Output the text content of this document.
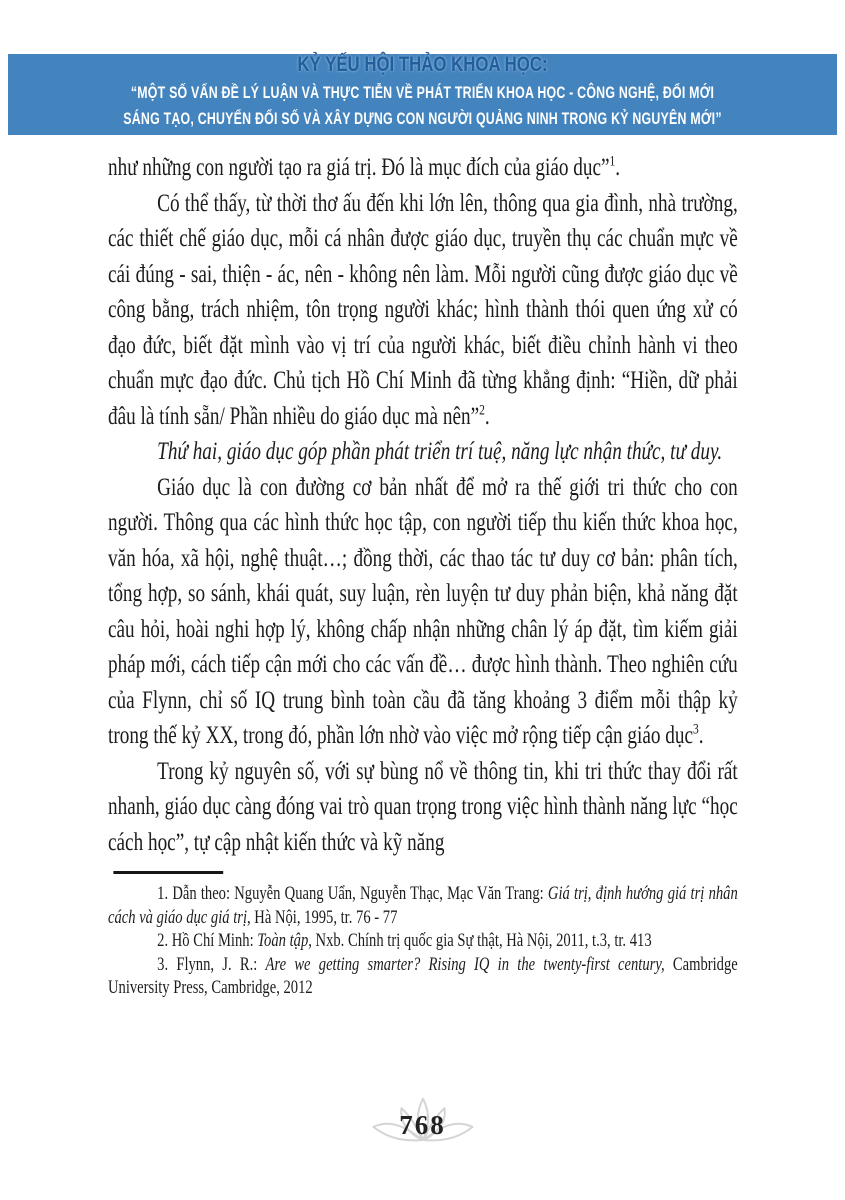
KỶ YẾU HỘI THẢO KHOA HỌC:
“MỘT SỐ VẤN ĐỀ LÝ LUẬN VÀ THỰC TIỄN VỀ PHÁT TRIỂN KHOA HỌC - CÔNG NGHỆ, ĐỔI MỚI
SÁNG TẠO, CHUYỂN ĐỔI SỐ VÀ XÂY DỰNG CON NGƯỜI QUẢNG NINH TRONG KỶ NGUYÊN MỚI”

như những con người tạo ra giá trị. Đó là mục đích của giáo dục”$^1$.

Có thể thấy, từ thời thơ ấu đến khi lớn lên, thông qua gia đình, nhà trường, các thiết chế giáo dục, mỗi cá nhân được giáo dục, truyền thụ các chuẩn mực về cái đúng - sai, thiện - ác, nên - không nên làm. Mỗi người cũng được giáo dục về công bằng, trách nhiệm, tôn trọng người khác; hình thành thói quen ứng xử có đạo đức, biết đặt mình vào vị trí của người khác, biết điều chỉnh hành vi theo chuẩn mực đạo đức. Chủ tịch Hồ Chí Minh đã từng khẳng định: “Hiền, dữ phải đâu là tính sẵn/ Phần nhiều do giáo dục mà nên”$^2$.

Thứ hai, giáo dục góp phần phát triển trí tuệ, năng lực nhận thức, tư duy.

Giáo dục là con đường cơ bản nhất để mở ra thế giới tri thức cho con người. Thông qua các hình thức học tập, con người tiếp thu kiến thức khoa học, văn hóa, xã hội, nghệ thuật…; đồng thời, các thao tác tư duy cơ bản: phân tích, tổng hợp, so sánh, khái quát, suy luận, rèn luyện tư duy phản biện, khả năng đặt câu hỏi, hoài nghi hợp lý, không chấp nhận những chân lý áp đặt, tìm kiếm giải pháp mới, cách tiếp cận mới cho các vấn đề… được hình thành. Theo nghiên cứu của Flynn, chỉ số IQ trung bình toàn cầu đã tăng khoảng 3 điểm mỗi thập kỷ trong thế kỷ XX, trong đó, phần lớn nhờ vào việc mở rộng tiếp cận giáo dục$^3$.

Trong kỷ nguyên số, với sự bùng nổ về thông tin, khi tri thức thay đổi rất nhanh, giáo dục càng đóng vai trò quan trọng trong việc hình thành năng lực “học cách học”, tự cập nhật kiến thức và kỹ năng

1. Dẫn theo: Nguyễn Quang Uẩn, Nguyễn Thạc, Mạc Văn Trang: Giá trị, định hướng giá trị nhân cách và giáo dục giá trị, Hà Nội, 1995, tr. 76 - 77

2. Hồ Chí Minh: Toàn tập, Nxb. Chính trị quốc gia Sự thật, Hà Nội, 2011, t.3, tr. 413

3. Flynn, J. R.: Are we getting smarter? Rising IQ in the twenty-first century, Cambridge University Press, Cambridge, 2012

768
